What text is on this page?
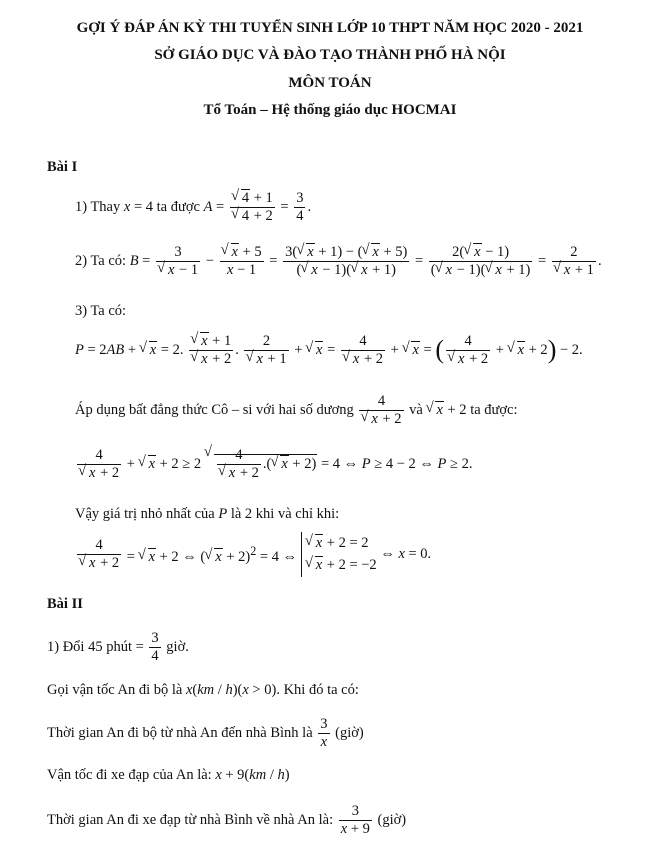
GỢI Ý ĐÁP ÁN KỲ THI TUYỂN SINH LỚP 10 THPT NĂM HỌC 2020 - 2021
SỞ GIÁO DỤC VÀ ĐÀO TẠO THÀNH PHỐ HÀ NỘI
MÔN TOÁN
Tổ Toán – Hệ thống giáo dục HOCMAI
Bài I
1) Thay x = 4 ta được A = √ 4 + 1
√ $4 + 2 = \frac{3}{4}$ .
2) Ta có: B = 3
√ x − 1 − √ $\frac{x + 5}{x - 1} = \frac{3( √ x + 1) - ( √ x + 5)}{( √ x - 1)( √ x + 1)} = \frac{2( √ x - 1)}{( √ x - 1)( √ x + 1)} = 2$
√ x + 1 .
3) Ta có:
P = 2AB + √ x = 2. √ x + 1
√ x + 2 . 2
√ x + 1 + √ x = 4
√ x + 2 + √ x = ( 4
√ x + 2 + √ x + 2) − 2.
Áp dụng bất đẳng thức Cô – si với hai số dương 4
√ x + 2 và √ x + 2 ta được:
4
√ x + 2 + √ x + 2 ≥ 2 √ 4
√ x + 2 .( √ x + 2) = 4 ⇔ P ≥ 4 − 2 ⇔ P ≥ 2.
Vậy giá trị nhỏ nhất của P là 2 khi và chỉ khi:
4
√ x + 2 = √ x + 2 ⇔ ( √ x + 2)$^2$ = 4 ⇔
√ x + 2 = 2
√ x + 2 = −2
⇔ x = 0.
Bài II
1) Đổi 45 phút = $\frac{3}{4}$ giờ.
Gọi vận tốc An đi bộ là x(km / h)(x > 0). Khi đó ta có:
Thời gian An đi bộ từ nhà An đến nhà Bình là $\frac{3}{x}$ (giờ)
Vận tốc đi xe đạp của An là: x + 9(km / h)
Thời gian An đi xe đạp từ nhà Bình về nhà An là: $\frac{3}{x + 9}$ (giờ)
